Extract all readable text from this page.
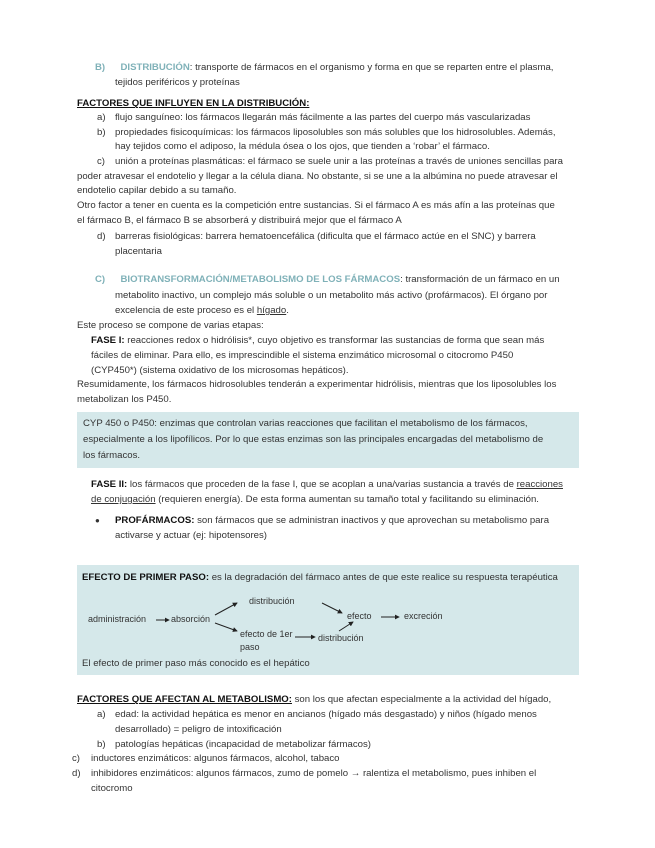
B) DISTRIBUCIÓN: transporte de fármacos en el organismo y forma en que se reparten entre el plasma,
tejidos periféricos y proteínas
FACTORES QUE INFLUYEN EN LA DISTRIBUCIÓN:
a) flujo sanguíneo: los fármacos llegarán más fácilmente a las partes del cuerpo más vascularizadas
b) propiedades fisicoquímicas: los fármacos liposolubles son más solubles que los hidrosolubles. Además,
hay tejidos como el adiposo, la médula ósea o los ojos, que tienden a ‘robar’ el fármaco.
c) unión a proteínas plasmáticas: el fármaco se suele unir a las proteínas a través de uniones sencillas para
poder atravesar el endotelio y llegar a la célula diana. No obstante, si se une a la albúmina no puede atravesar el
endotelio capilar debido a su tamaño.
Otro factor a tener en cuenta es la competición entre sustancias. Si el fármaco A es más afín a las proteínas que
el fármaco B, el fármaco B se absorberá y distribuirá mejor que el fármaco A
d) barreras fisiológicas: barrera hematoencefálica (dificulta que el fármaco actúe en el SNC) y barrera
placentaria
C) BIOTRANSFORMACIÓN/METABOLISMO DE LOS FÁRMACOS: transformación de un fármaco en un
metabolito inactivo, un complejo más soluble o un metabolito más activo (profármacos). El órgano por
excelencia de este proceso es el hígado.
Este proceso se compone de varias etapas:
FASE I: reacciones redox o hidrólisis*, cuyo objetivo es transformar las sustancias de forma que sean más
fáciles de eliminar. Para ello, es imprescindible el sistema enzimático microsomal o citocromo P450
(CYP450*) (sistema oxidativo de los microsomas hepáticos).
Resumidamente, los fármacos hidrosolubles tenderán a experimentar hidrólisis, mientras que los liposolubles los
metabolizan los P450.
CYP 450 o P450: enzimas que controlan varias reacciones que facilitan el metabolismo de los fármacos,
especialmente a los lipofílicos. Por lo que estas enzimas son las principales encargadas del metabolismo de
los fármacos.
FASE II: los fármacos que proceden de la fase I, que se acoplan a una/varias sustancia a través de reacciones
de conjugación (requieren energía). De esta forma aumentan su tamaño total y facilitando su eliminación.
● PROFÁRMACOS: son fármacos que se administran inactivos y que aprovechan su metabolismo para
activarse y actuar (ej: hipotensores)
EFECTO DE PRIMER PASO: es la degradación del fármaco antes de que este realice su respuesta terapéutica
administración	absorción
distribución
efecto de 1er
paso
efecto
distribución
excreción
El efecto de primer paso más conocido es el hepático
FACTORES QUE AFECTAN AL METABOLISMO: son los que afectan especialmente a la actividad del hígado,
a) edad: la actividad hepática es menor en ancianos (hígado más desgastado) y niños (hígado menos
desarrollado) = peligro de intoxificación
b) patologías hepáticas (incapacidad de metabolizar fármacos)
c) inductores enzimáticos: algunos fármacos, alcohol, tabaco
d) inhibidores enzimáticos: algunos fármacos, zumo de pomelo → ralentiza el metabolismo, pues inhiben el
citocromo
